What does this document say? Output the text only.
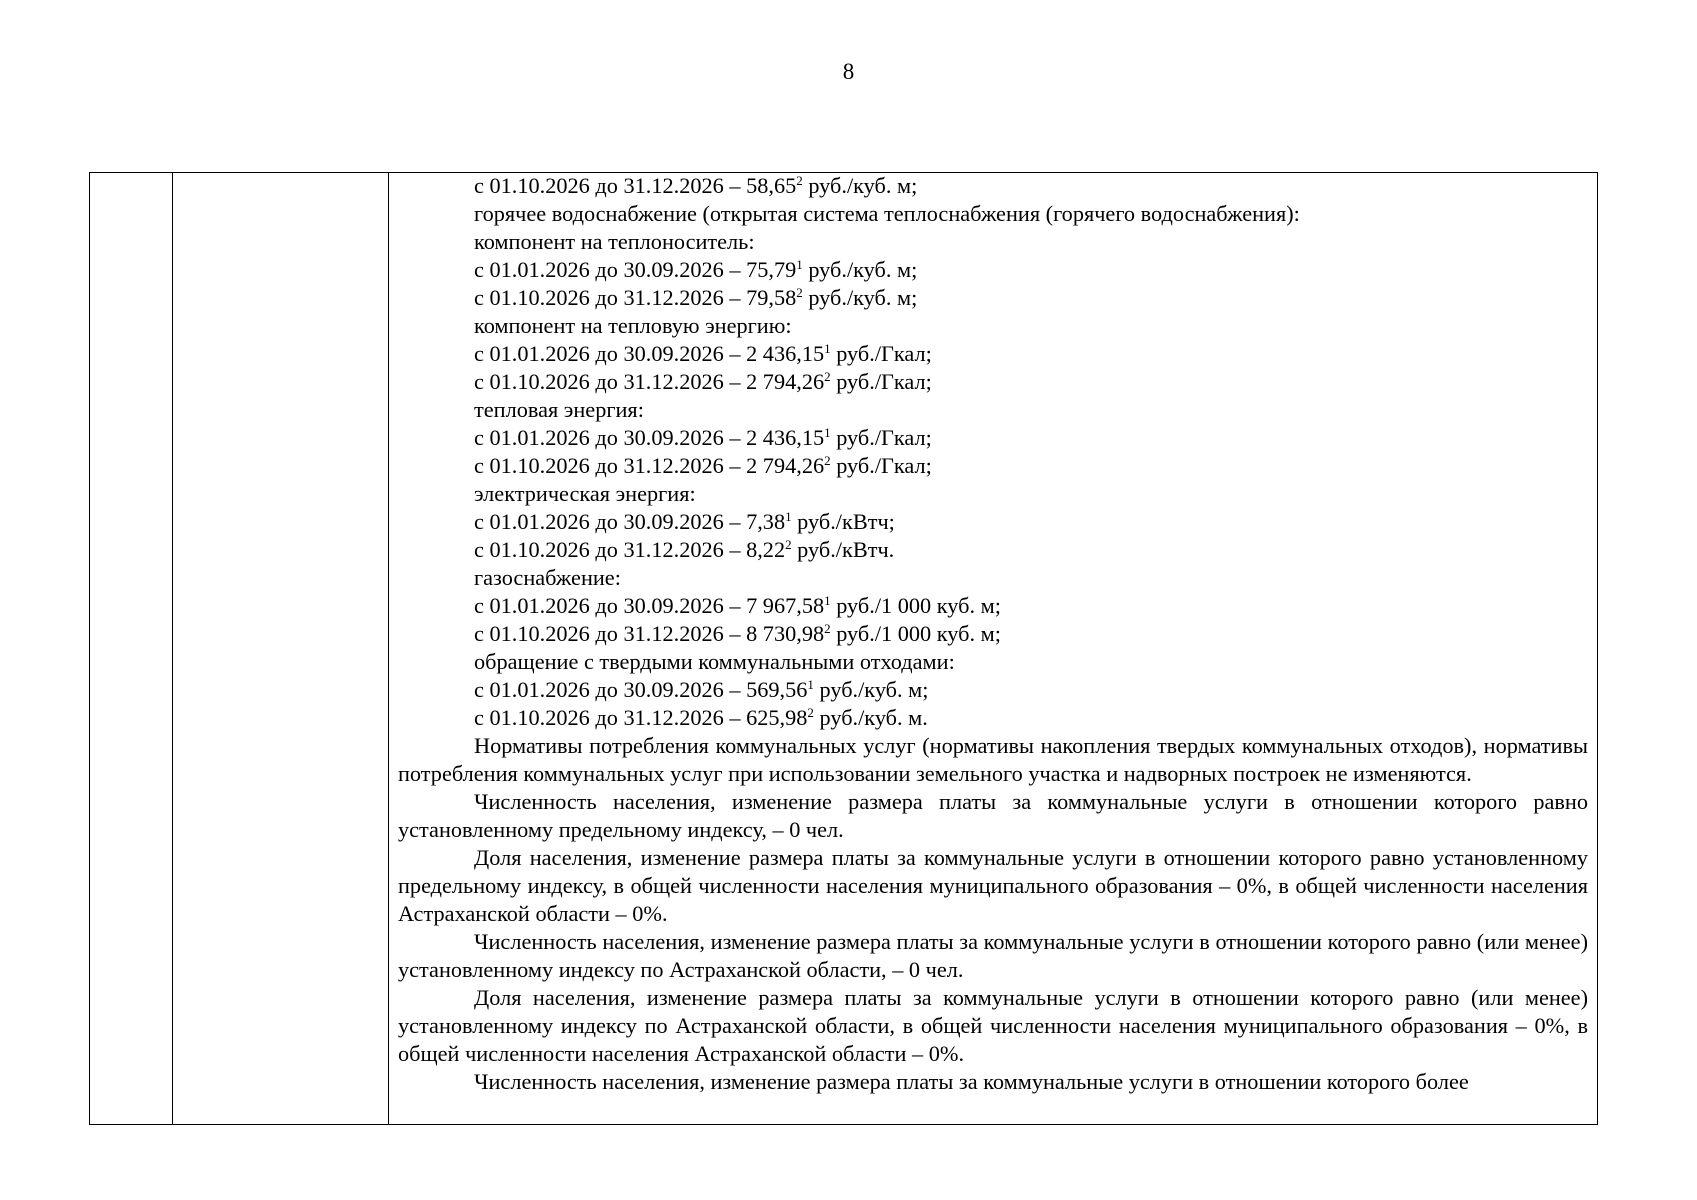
8
с 01.10.2026 до 31.12.2026 – 58,65$^2$ руб./куб. м;
горячее водоснабжение (открытая система теплоснабжения (горячего водоснабжения):
компонент на теплоноситель:
с 01.01.2026 до 30.09.2026 – 75,79$^1$ руб./куб. м;
с 01.10.2026 до 31.12.2026 – 79,58$^2$ руб./куб. м;
компонент на тепловую энергию:
с 01.01.2026 до 30.09.2026 – 2 436,15$^1$ руб./Гкал;
с 01.10.2026 до 31.12.2026 – 2 794,26$^2$ руб./Гкал;
тепловая энергия:
с 01.01.2026 до 30.09.2026 – 2 436,15$^1$ руб./Гкал;
с 01.10.2026 до 31.12.2026 – 2 794,26$^2$ руб./Гкал;
электрическая энергия:
с 01.01.2026 до 30.09.2026 – 7,38$^1$ руб./кВтч;
с 01.10.2026 до 31.12.2026 – 8,22$^2$ руб./кВтч.
газоснабжение:
с 01.01.2026 до 30.09.2026 – 7 967,58$^1$ руб./1 000 куб. м;
с 01.10.2026 до 31.12.2026 – 8 730,98$^2$ руб./1 000 куб. м;
обращение с твердыми коммунальными отходами:
с 01.01.2026 до 30.09.2026 – 569,56$^1$ руб./куб. м;
с 01.10.2026 до 31.12.2026 – 625,98$^2$ руб./куб. м.
Нормативы потребления коммунальных услуг (нормативы накопления твердых коммунальных отходов), нормативы потребления коммунальных услуг при использовании земельного участка и надворных построек не изменяются.
Численность населения, изменение размера платы за коммунальные услуги в отношении которого равно установленному предельному индексу, – 0 чел.
Доля населения, изменение размера платы за коммунальные услуги в отношении которого равно установленному предельному индексу, в общей численности населения муниципального образования – 0%, в общей численности населения Астраханской области – 0%.
Численность населения, изменение размера платы за коммунальные услуги в отношении которого равно (или менее) установленному индексу по Астраханской области, – 0 чел.
Доля населения, изменение размера платы за коммунальные услуги в отношении которого равно (или менее) установленному индексу по Астраханской области, в общей численности населения муниципального образования – 0%, в общей численности населения Астраханской области – 0%.
Численность населения, изменение размера платы за коммунальные услуги в отношении которого более
